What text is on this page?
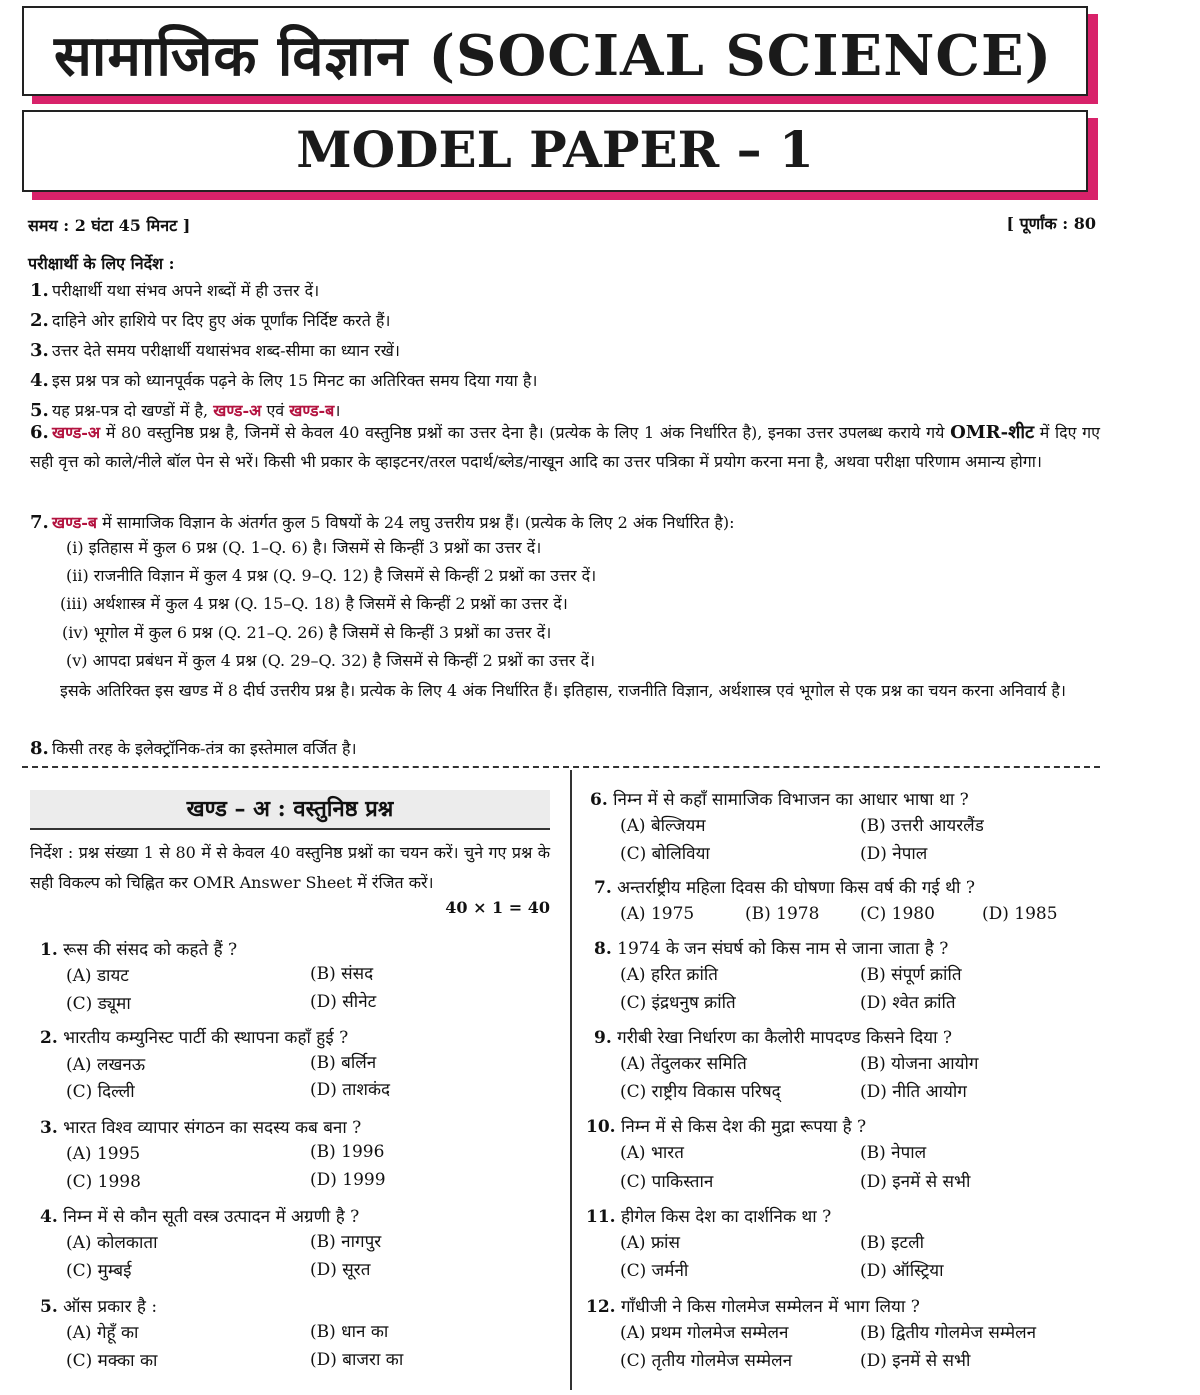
सामाजिक विज्ञान (SOCIAL SCIENCE)
MODEL PAPER – 1
समय : 2 घंटा 45 मिनट ]	[ पूर्णांक : 80
परीक्षार्थी के लिए निर्देश :
1. परीक्षार्थी यथा संभव अपने शब्दों में ही उत्तर दें।
2. दाहिने ओर हाशिये पर दिए हुए अंक पूर्णांक निर्दिष्ट करते हैं।
3. उत्तर देते समय परीक्षार्थी यथासंभव शब्द-सीमा का ध्यान रखें।
4. इस प्रश्न पत्र को ध्यानपूर्वक पढ़ने के लिए 15 मिनट का अतिरिक्त समय दिया गया है।
5. यह प्रश्न-पत्र दो खण्डों में है, खण्ड-अ एवं खण्ड-ब।
6. खण्ड-अ में 80 वस्तुनिष्ठ प्रश्न है, जिनमें से केवल 40 वस्तुनिष्ठ प्रश्नों का उत्तर देना है। (प्रत्येक के लिए 1 अंक निर्धारित है), इनका उत्तर उपलब्ध कराये गये OMR-शीट में दिए गए सही वृत्त को काले/नीले बॉल पेन से भरें। किसी भी प्रकार के व्हाइटनर/तरल पदार्थ/ब्लेड/नाखून आदि का उत्तर पत्रिका में प्रयोग करना मना है, अथवा परीक्षा परिणाम अमान्य होगा।
7. खण्ड-ब में सामाजिक विज्ञान के अंतर्गत कुल 5 विषयों के 24 लघु उत्तरीय प्रश्न हैं। (प्रत्येक के लिए 2 अंक निर्धारित है):
(i) इतिहास में कुल 6 प्रश्न (Q. 1–Q. 6) है। जिसमें से किन्हीं 3 प्रश्नों का उत्तर दें।
(ii) राजनीति विज्ञान में कुल 4 प्रश्न (Q. 9–Q. 12) है जिसमें से किन्हीं 2 प्रश्नों का उत्तर दें।
(iii) अर्थशास्त्र में कुल 4 प्रश्न (Q. 15–Q. 18) है जिसमें से किन्हीं 2 प्रश्नों का उत्तर दें।
(iv) भूगोल में कुल 6 प्रश्न (Q. 21–Q. 26) है जिसमें से किन्हीं 3 प्रश्नों का उत्तर दें।
(v) आपदा प्रबंधन में कुल 4 प्रश्न (Q. 29–Q. 32) है जिसमें से किन्हीं 2 प्रश्नों का उत्तर दें।
इसके अतिरिक्त इस खण्ड में 8 दीर्घ उत्तरीय प्रश्न है। प्रत्येक के लिए 4 अंक निर्धारित हैं। इतिहास, राजनीति विज्ञान, अर्थशास्त्र एवं भूगोल से एक प्रश्न का चयन करना अनिवार्य है।
8. किसी तरह के इलेक्ट्रॉनिक-तंत्र का इस्तेमाल वर्जित है।
खण्ड – अ : वस्तुनिष्ठ प्रश्न
निर्देश : प्रश्न संख्या 1 से 80 में से केवल 40 वस्तुनिष्ठ प्रश्नों का चयन करें। चुने गए प्रश्न के सही विकल्प को चिह्नित कर OMR Answer Sheet में रंजित करें।
40 × 1 = 40
1. रूस की संसद को कहते हैं ?
(A) डायट	(B) संसद
(C) ड्यूमा	(D) सीनेट
2. भारतीय कम्युनिस्ट पार्टी की स्थापना कहाँ हुई ?
(A) लखनऊ	(B) बर्लिन
(C) दिल्ली	(D) ताशकंद
3. भारत विश्व व्यापार संगठन का सदस्य कब बना ?
(A) 1995	(B) 1996
(C) 1998	(D) 1999
4. निम्न में से कौन सूती वस्त्र उत्पादन में अग्रणी है ?
(A) कोलकाता	(B) नागपुर
(C) मुम्बई	(D) सूरत
5. ऑस प्रकार है :
(A) गेहूँ का	(B) धान का
(C) मक्का का	(D) बाजरा का
6. निम्न में से कहाँ सामाजिक विभाजन का आधार भाषा था ?
(A) बेल्जियम	(B) उत्तरी आयरलैंड
(C) बोलिविया	(D) नेपाल
7. अन्तर्राष्ट्रीय महिला दिवस की घोषणा किस वर्ष की गई थी ?
(A) 1975	(B) 1978 (C) 1980	(D) 1985
8. 1974 के जन संघर्ष को किस नाम से जाना जाता है ?
(A) हरित क्रांति	(B) संपूर्ण क्रांति
(C) इंद्रधनुष क्रांति	(D) श्वेत क्रांति
9. गरीबी रेखा निर्धारण का कैलोरी मापदण्ड किसने दिया ?
(A) तेंदुलकर समिति	(B) योजना आयोग
(C) राष्ट्रीय विकास परिषद्	(D) नीति आयोग
10. निम्न में से किस देश की मुद्रा रूपया है ?
(A) भारत	(B) नेपाल
(C) पाकिस्तान	(D) इनमें से सभी
11. हीगेल किस देश का दार्शनिक था ?
(A) फ्रांस	(B) इटली
(C) जर्मनी	(D) ऑस्ट्रिया
12. गाँधीजी ने किस गोलमेज सम्मेलन में भाग लिया ?
(A) प्रथम गोलमेज सम्मेलन	(B) द्वितीय गोलमेज सम्मेलन
(C) तृतीय गोलमेज सम्मेलन	(D) इनमें से सभी
